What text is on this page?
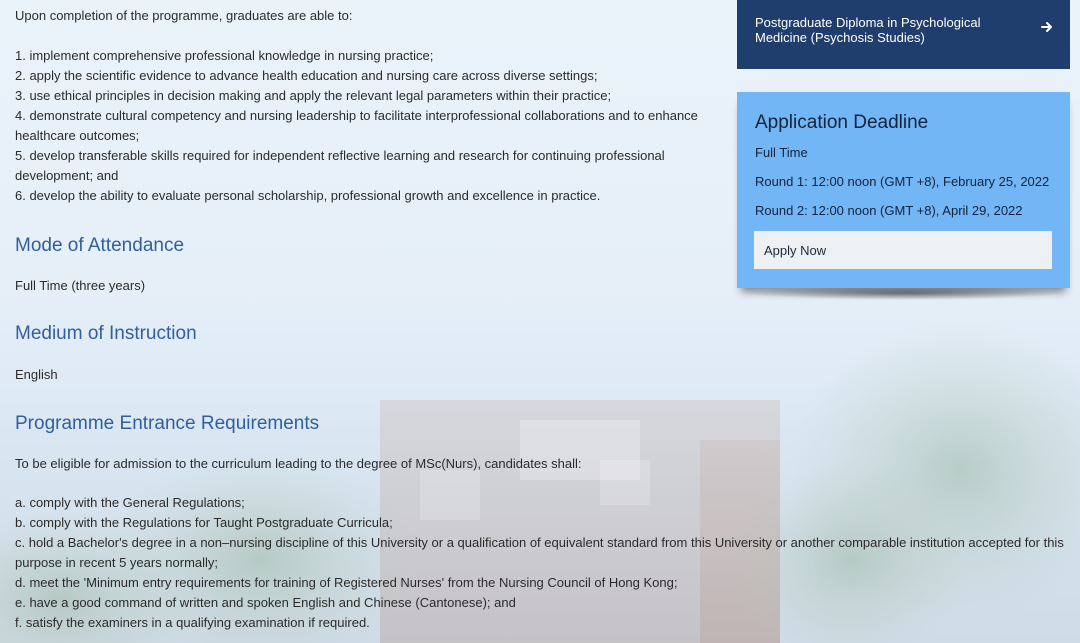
Upon completion of the programme, graduates are able to:

1. implement comprehensive professional knowledge in nursing practice;
2. apply the scientific evidence to advance health education and nursing care across diverse settings;
3. use ethical principles in decision making and apply the relevant legal parameters within their practice;
4. demonstrate cultural competency and nursing leadership to facilitate interprofessional collaborations and to enhance healthcare outcomes;
5. develop transferable skills required for independent reflective learning and research for continuing professional development; and
6. develop the ability to evaluate personal scholarship, professional growth and excellence in practice.
Mode of Attendance

Full Time (three years)

Medium of Instruction

English

Programme Entrance Requirements

To be eligible for admission to the curriculum leading to the degree of MSc(Nurs), candidates shall:

a. comply with the General Regulations;
b. comply with the Regulations for Taught Postgraduate Curricula;
c. hold a Bachelor's degree in a non–nursing discipline of this University or a qualification of equivalent standard from this University or another comparable institution accepted for this purpose in recent 5 years normally;
d. meet the 'Minimum entry requirements for training of Registered Nurses' from the Nursing Council of Hong Kong;
e. have a good command of written and spoken English and Chinese (Cantonese); and
f. satisfy the examiners in a qualifying examination if required.
Postgraduate Diploma in Psychological Medicine (Psychosis Studies)
Application Deadline
Full Time
Round 1: 12:00 noon (GMT +8), February 25, 2022
Round 2: 12:00 noon (GMT +8), April 29, 2022
Apply Now
